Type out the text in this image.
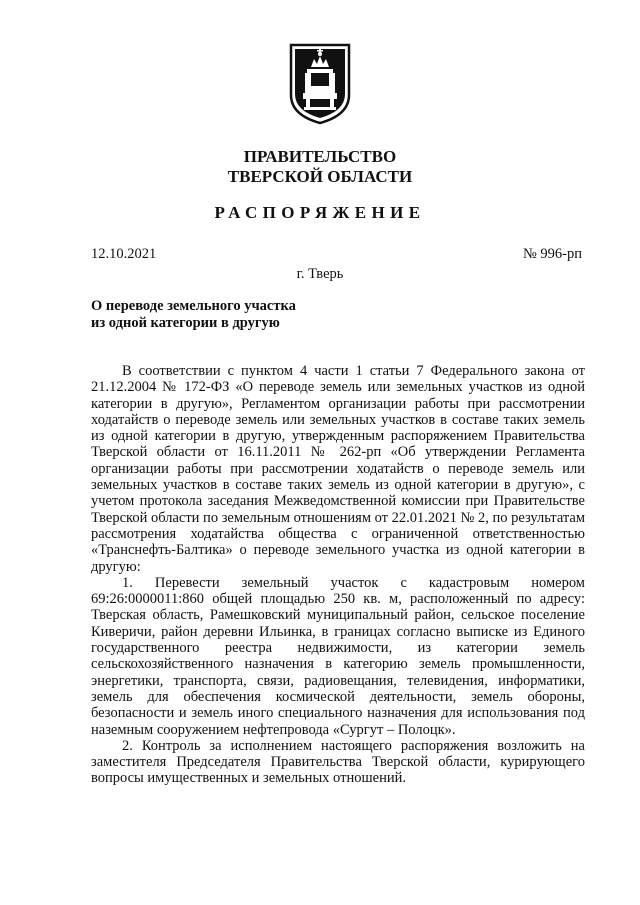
ПРАВИТЕЛЬСТВО
ТВЕРСКОЙ ОБЛАСТИ
РАСПОРЯЖЕНИЕ
12.10.2021	№ 996-рп
г. Тверь
О переводе земельного участка
из одной категории в другую

В соответствии с пунктом 4 части 1 статьи 7 Федерального закона от 21.12.2004 № 172-ФЗ «О переводе земель или земельных участков из одной категории в другую», Регламентом организации работы при рассмотрении ходатайств о переводе земель или земельных участков в составе таких земель из одной категории в другую, утвержденным распоряжением Правительства Тверской области от 16.11.2011 № 262-рп «Об утверждении Регламента организации работы при рассмотрении ходатайств о переводе земель или земельных участков в составе таких земель из одной категории в другую», с учетом протокола заседания Межведомственной комиссии при Правительстве Тверской области по земельным отношениям от 22.01.2021 № 2, по результатам рассмотрения ходатайства общества с ограниченной ответственностью «Транснефть-Балтика» о переводе земельного участка из одной категории в другую:

1. Перевести земельный участок с кадастровым номером 69:26:0000011:860 общей площадью 250 кв. м, расположенный по адресу: Тверская область, Рамешковский муниципальный район, сельское поселение Киверичи, район деревни Ильинка, в границах согласно выписке из Единого государственного реестра недвижимости, из категории земель сельскохозяйственного назначения в категорию земель промышленности, энергетики, транспорта, связи, радиовещания, телевидения, информатики, земель для обеспечения космической деятельности, земель обороны, безопасности и земель иного специального назначения для использования под наземным сооружением нефтепровода «Сургут – Полоцк».

2. Контроль за исполнением настоящего распоряжения возложить на заместителя Председателя Правительства Тверской области, курирующего вопросы имущественных и земельных отношений.
